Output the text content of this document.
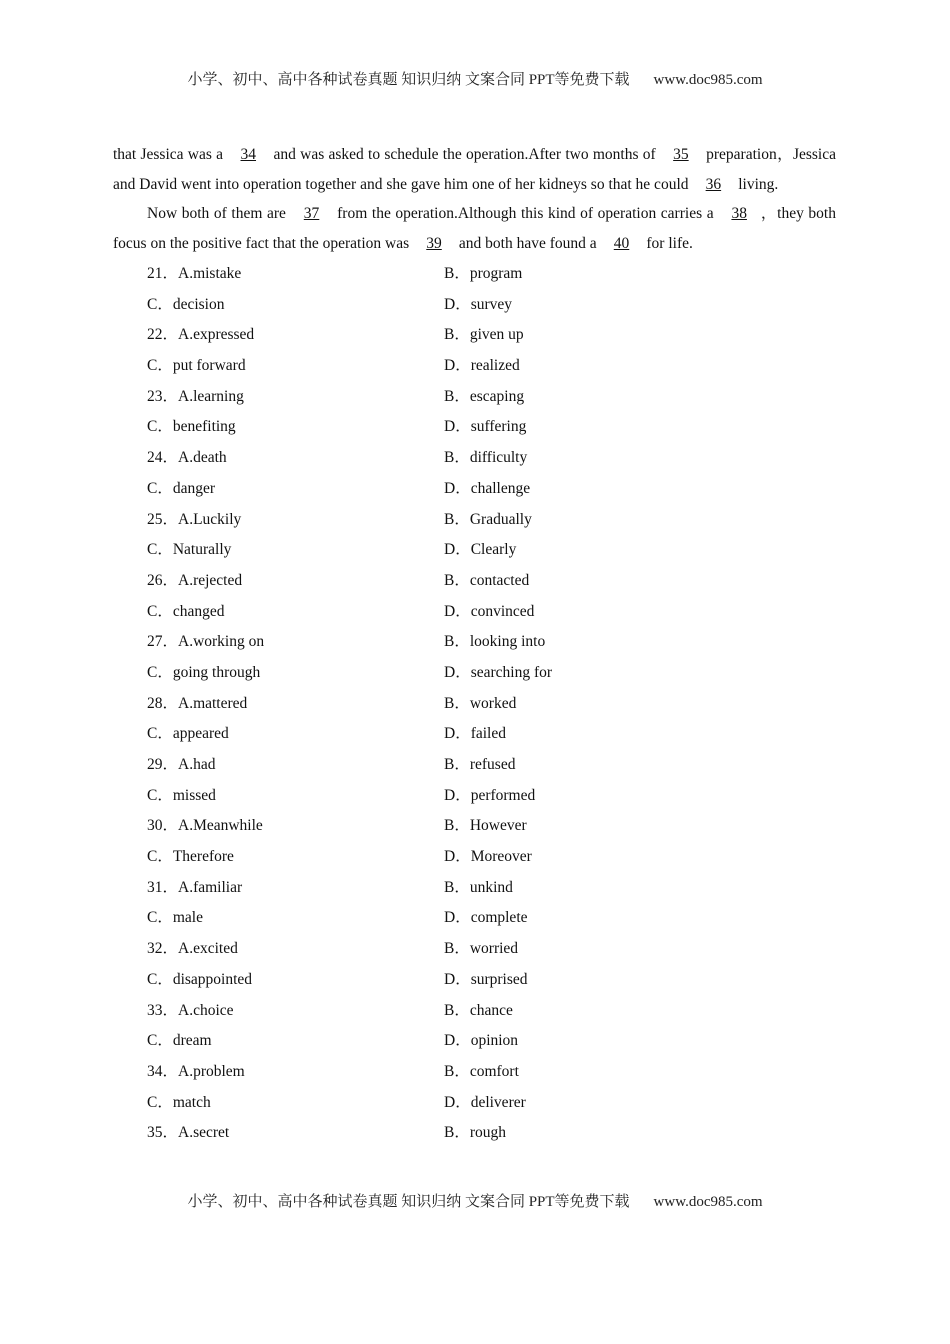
小学、初中、高中各种试卷真题 知识归纳 文案合同 PPT等免费下载 www.doc985.com

that Jessica was a 34 and was asked to schedule the operation.After two months of 35 preparation，Jessica and David went into operation together and she gave him one of her kidneys so that he could 36 living.

Now both of them are 37 from the operation.Although this kind of operation carries a 38 ，they both focus on the positive fact that the operation was 39 and both have found a 40 for life.

21．A.mistake	B．program
C．decision	D．survey
22．A.expressed	B．given up
C．put forward	D．realized
23．A.learning	B．escaping
C．benefiting	D．suffering
24．A.death	B．difficulty
C．danger	D．challenge
25．A.Luckily	B．Gradually
C．Naturally	D．Clearly
26．A.rejected	B．contacted
C．changed	D．convinced
27．A.working on	B．looking into
C．going through	D．searching for
28．A.mattered	B．worked
C．appeared	D．failed
29．A.had	B．refused
C．missed	D．performed
30．A.Meanwhile	B．However
C．Therefore	D．Moreover
31．A.familiar	B．unkind
C．male	D．complete
32．A.excited	B．worried
C．disappointed	D．surprised
33．A.choice	B．chance
C．dream	D．opinion
34．A.problem	B．comfort
C．match	D．deliverer
35．A.secret	B．rough
小学、初中、高中各种试卷真题 知识归纳 文案合同 PPT等免费下载 www.doc985.com
